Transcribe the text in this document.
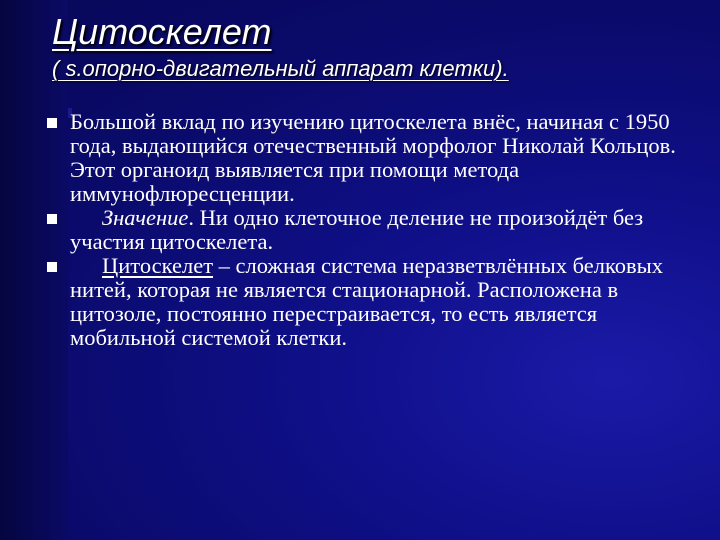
Цитоскелет
( s.опорно-двигательный аппарат клетки).
Большой вклад по изучению цитоскелета внёс, начиная с 1950 года, выдающийся отечественный морфолог Николай Кольцов. Этот органоид выявляется при помощи метода иммунофлюресценции.
Значение. Ни одно клеточное деление не произойдёт без участия цитоскелета.
Цитоскелет – сложная система неразветвлённых белковых нитей, которая не является стационарной. Расположена в цитозоле, постоянно перестраивается, то есть является мобильной системой клетки.
